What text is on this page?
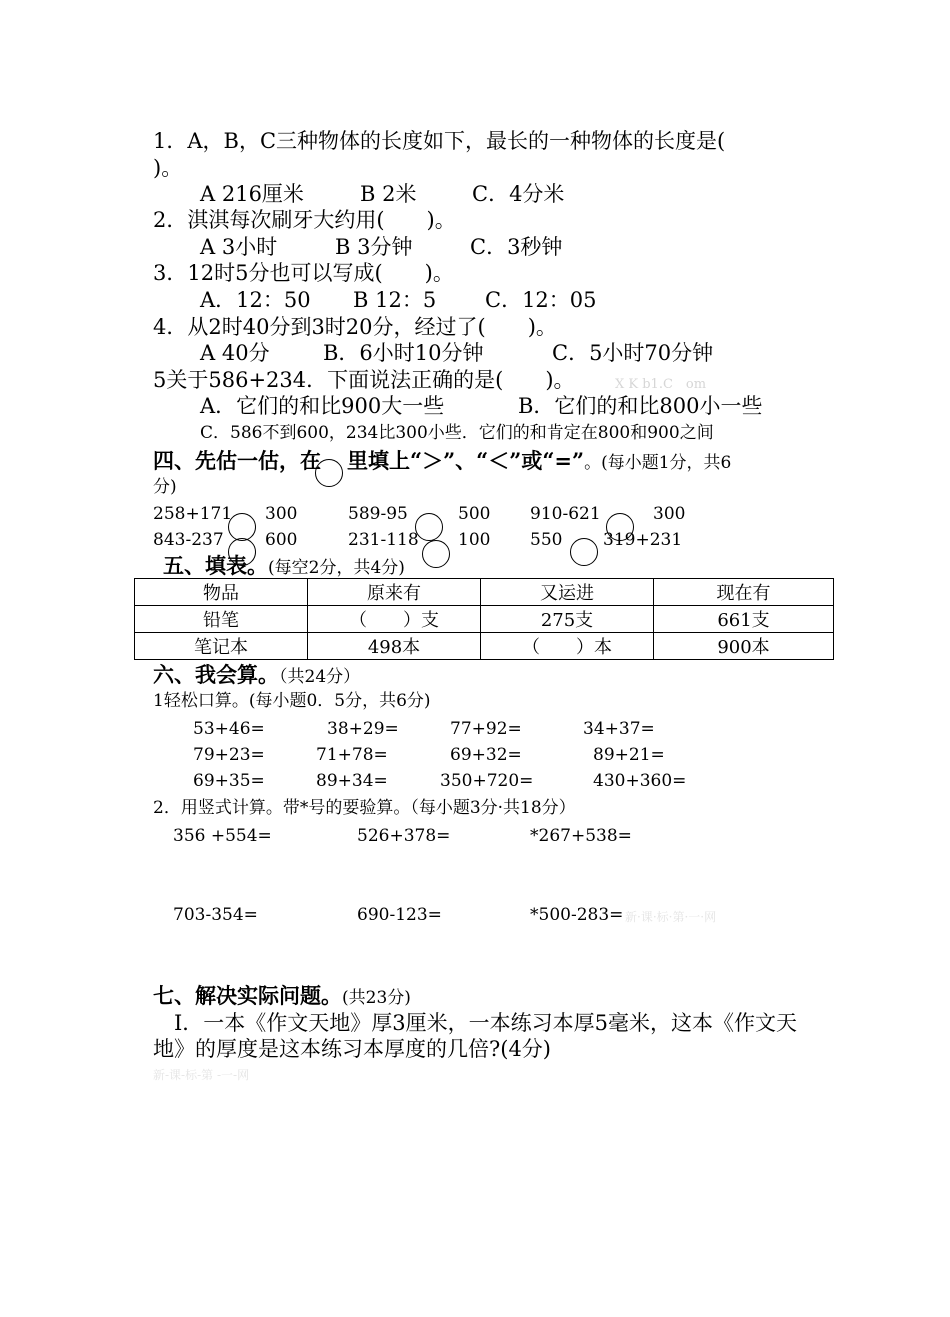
1．A，B，C三种物体的长度如下，最长的一种物体的长度是(
)。
A 216厘米	B 2米	C．4分米
2．淇淇每次刷牙大约用(　　)。
A 3小时	B 3分钟	C．3秒钟
3．12时5分也可以写成(　　)。
A．12：50 B 12：5 C．12：05
4．从2时40分到3时20分，经过了(　　)。
A 40分	B．6小时10分钟	C．5小时70分钟
5关于586+234．下面说法正确的是(　　)。	X K b1.C　om
A．它们的和比900大一些	B．它们的和比800小一些
C．586不到600，234比300小些．它们的和肯定在800和900之间
四、先估一估，在 里填上“＞”、“＜”或“=”。(每小题1分，共6
分)
258+171 300	589-95	500 910-621	300
843-237 600	231-118 100 550 319+231
五、填表。(每空2分，共4分)
物品	原来有	又运进	现在有
铅笔	（　　）支	275支	661支
笔记本	498本	（　　）本	900本
六、我会算。（共24分）
1轻松口算。(每小题0．5分，共6分)
53+46=	38+29=	77+92=	34+37=
79+23=	71+78=	69+32=	89+21=
69+35=	89+34=	350+720=	430+360=
2．用竖式计算。带*号的要验算。（每小题3分·共18分）
356 +554=	526+378=	*267+538=
703-354=	690-123=	*500-283= 新·课·标·第·一·网
七、解决实际问题。(共23分)
I．一本《作文天地》厚3厘米，一本练习本厚5毫米，这本《作文天
地》的厚度是这本练习本厚度的几倍?(4分)
新-课-标-第 -一-网
